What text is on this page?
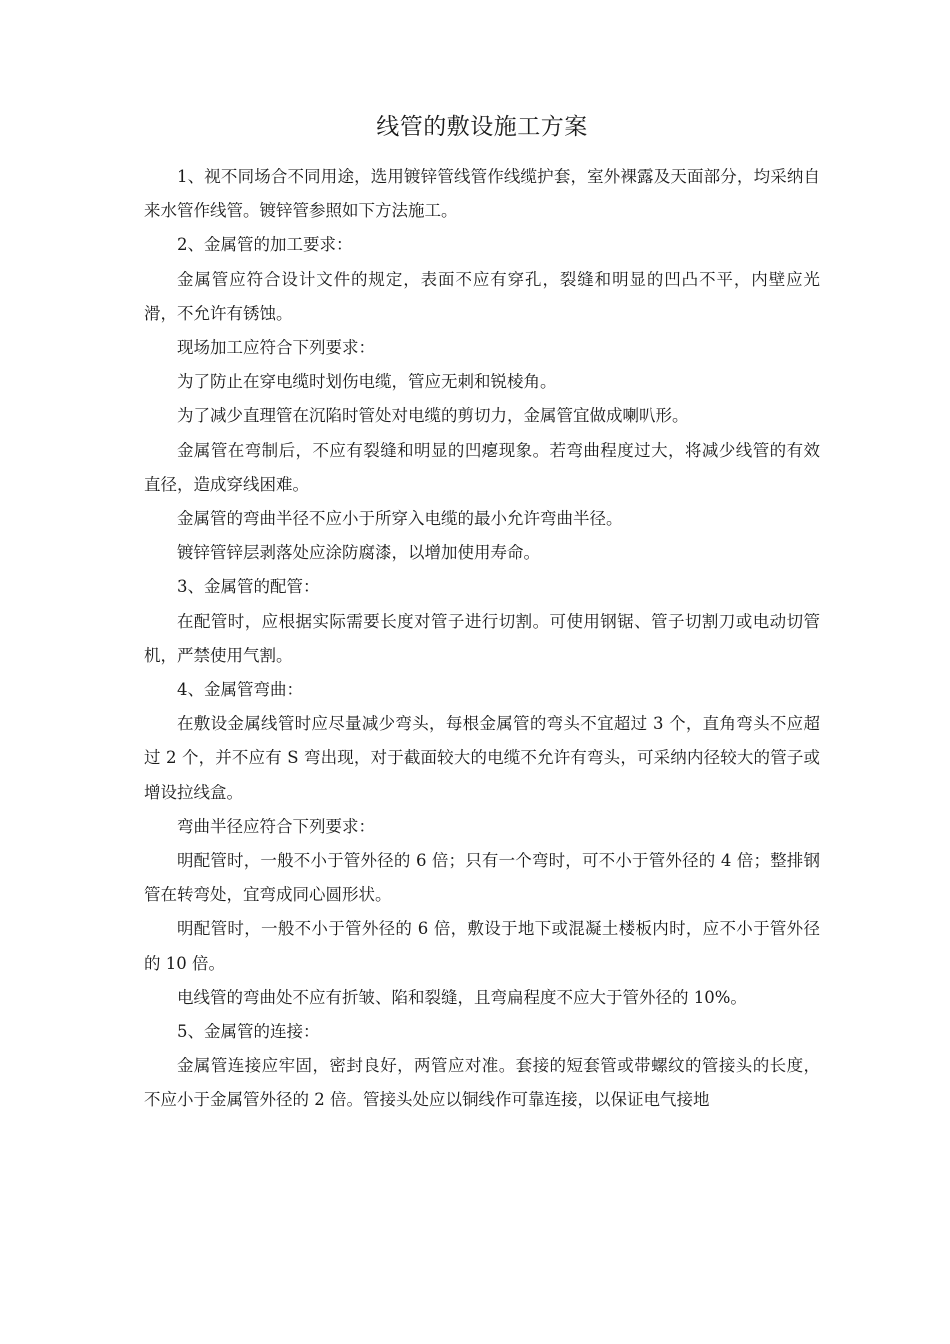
线管的敷设施工方案

1、视不同场合不同用途，选用镀锌管线管作线缆护套，室外裸露及天面部分，均采纳自来水管作线管。镀锌管参照如下方法施工。

2、金属管的加工要求：

金属管应符合设计文件的规定，表面不应有穿孔，裂缝和明显的凹凸不平，内壁应光滑，不允许有锈蚀。

现场加工应符合下列要求：

为了防止在穿电缆时划伤电缆，管应无刺和锐棱角。

为了减少直理管在沉陷时管处对电缆的剪切力，金属管宜做成喇叭形。

金属管在弯制后，不应有裂缝和明显的凹瘪现象。若弯曲程度过大，将减少线管的有效直径，造成穿线困难。

金属管的弯曲半径不应小于所穿入电缆的最小允许弯曲半径。

镀锌管锌层剥落处应涂防腐漆，以增加使用寿命。

3、金属管的配管：

在配管时，应根据实际需要长度对管子进行切割。可使用钢锯、管子切割刀或电动切管机，严禁使用气割。

4、金属管弯曲：

在敷设金属线管时应尽量减少弯头，每根金属管的弯头不宜超过 3 个，直角弯头不应超过 2 个，并不应有 S 弯出现，对于截面较大的电缆不允许有弯头，可采纳内径较大的管子或增设拉线盒。

弯曲半径应符合下列要求：

明配管时，一般不小于管外径的 6 倍；只有一个弯时，可不小于管外径的 4 倍；整排钢管在转弯处，宜弯成同心圆形状。

明配管时，一般不小于管外径的 6 倍，敷设于地下或混凝土楼板内时，应不小于管外径的 10 倍。

电线管的弯曲处不应有折皱、陷和裂缝，且弯扁程度不应大于管外径的 10%。

5、金属管的连接：

金属管连接应牢固，密封良好，两管应对准。套接的短套管或带螺纹的管接头的长度，不应小于金属管外径的 2 倍。管接头处应以铜线作可靠连接，以保证电气接地
